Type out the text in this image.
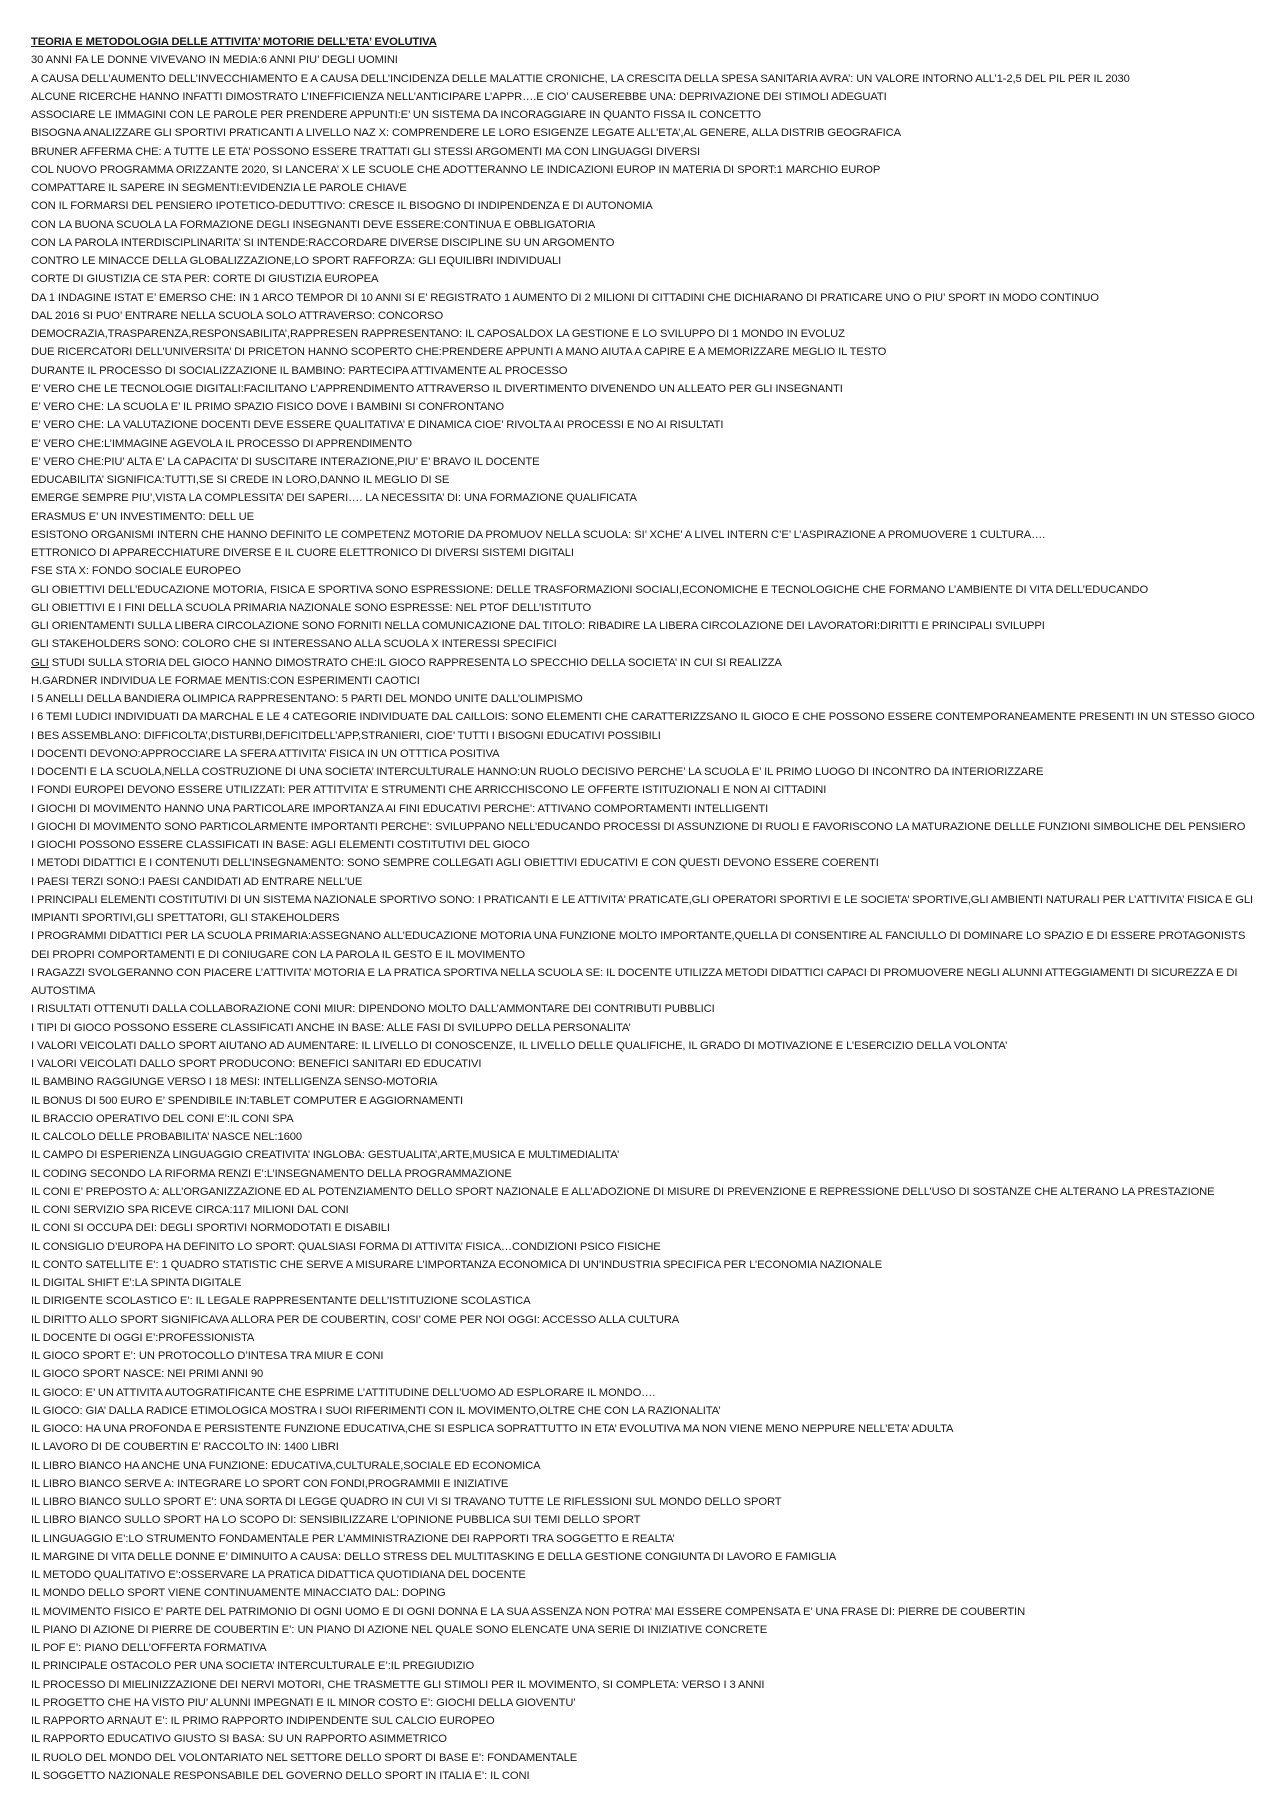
TEORIA E METODOLOGIA DELLE ATTIVITA’ MOTORIE DELL’ETA’ EVOLUTIVA
30 ANNI FA LE DONNE VIVEVANO IN MEDIA:6 ANNI PIU’ DEGLI UOMINI
A CAUSA DELL’AUMENTO DELL’INVECCHIAMENTO E A CAUSA DELL’INCIDENZA DELLE MALATTIE CRONICHE, LA CRESCITA DELLA SPESA SANITARIA AVRA’: UN VALORE INTORNO ALL’1-2,5 DEL PIL PER IL 2030
ALCUNE RICERCHE HANNO INFATTI DIMOSTRATO L’INEFFICIENZA NELL’ANTICIPARE L’APPR….E CIO’ CAUSEREBBE UNA: DEPRIVAZIONE DEI STIMOLI ADEGUATI
ASSOCIARE LE IMMAGINI CON LE PAROLE PER PRENDERE APPUNTI:E’ UN SISTEMA DA INCORAGGIARE IN QUANTO FISSA IL CONCETTO
BISOGNA ANALIZZARE GLI SPORTIVI PRATICANTI A LIVELLO NAZ X: COMPRENDERE LE LORO ESIGENZE LEGATE ALL’ETA’,AL GENERE, ALLA DISTRIB GEOGRAFICA
BRUNER AFFERMA CHE: A TUTTE LE ETA’ POSSONO ESSERE TRATTATI GLI STESSI ARGOMENTI MA CON LINGUAGGI DIVERSI
COL NUOVO PROGRAMMA ORIZZANTE 2020, SI LANCERA’ X LE SCUOLE CHE ADOTTERANNO LE INDICAZIONI EUROP IN MATERIA DI SPORT:1 MARCHIO EUROP
COMPATTARE IL SAPERE IN SEGMENTI:EVIDENZIA LE PAROLE CHIAVE
CON IL FORMARSI DEL PENSIERO IPOTETICO-DEDUTTIVO: CRESCE IL BISOGNO DI INDIPENDENZA E DI AUTONOMIA
CON LA BUONA SCUOLA LA FORMAZIONE DEGLI INSEGNANTI DEVE ESSERE:CONTINUA E OBBLIGATORIA
CON LA PAROLA INTERDISCIPLINARITA’ SI INTENDE:RACCORDARE DIVERSE DISCIPLINE SU UN ARGOMENTO
CONTRO LE MINACCE DELLA GLOBALIZZAZIONE,LO SPORT RAFFORZA: GLI EQUILIBRI INDIVIDUALI
CORTE DI GIUSTIZIA CE STA PER: CORTE DI GIUSTIZIA EUROPEA
DA 1 INDAGINE ISTAT E’ EMERSO CHE: IN 1 ARCO TEMPOR DI 10 ANNI SI E’ REGISTRATO 1 AUMENTO DI 2 MILIONI DI CITTADINI CHE DICHIARANO DI PRATICARE UNO O PIU’ SPORT IN MODO CONTINUO
DAL 2016 SI PUO’ ENTRARE NELLA SCUOLA SOLO ATTRAVERSO: CONCORSO
DEMOCRAZIA,TRASPARENZA,RESPONSABILITA’,RAPPRESEN RAPPRESENTANO: IL CAPOSALDOX LA GESTIONE E LO SVILUPPO DI 1 MONDO IN EVOLUZ
DUE RICERCATORI DELL’UNIVERSITA’ DI PRICETON HANNO SCOPERTO CHE:PRENDERE APPUNTI A MANO AIUTA A CAPIRE E A MEMORIZZARE MEGLIO IL TESTO
DURANTE IL PROCESSO DI SOCIALIZZAZIONE IL BAMBINO: PARTECIPA ATTIVAMENTE AL PROCESSO
E’ VERO CHE LE TECNOLOGIE DIGITALI:FACILITANO L’APPRENDIMENTO ATTRAVERSO IL DIVERTIMENTO DIVENENDO UN ALLEATO PER GLI INSEGNANTI
E’ VERO CHE: LA SCUOLA E’ IL PRIMO SPAZIO FISICO DOVE I BAMBINI SI CONFRONTANO
E’ VERO CHE: LA VALUTAZIONE DOCENTI DEVE ESSERE QUALITATIVA’ E DINAMICA CIOE’ RIVOLTA AI PROCESSI E NO AI RISULTATI
E’ VERO CHE:L’IMMAGINE AGEVOLA IL PROCESSO DI APPRENDIMENTO
E’ VERO CHE:PIU’ ALTA E’ LA CAPACITA’ DI SUSCITARE INTERAZIONE,PIU’ E’ BRAVO IL DOCENTE
EDUCABILITA’ SIGNIFICA:TUTTI,SE SI CREDE IN LORO,DANNO IL MEGLIO DI SE
EMERGE SEMPRE PIU’,VISTA LA COMPLESSITA’ DEI SAPERI…. LA NECESSITA’ DI: UNA FORMAZIONE QUALIFICATA
ERASMUS E’ UN INVESTIMENTO: DELL UE
ESISTONO ORGANISMI INTERN CHE HANNO DEFINITO LE COMPETENZ MOTORIE DA PROMUOV NELLA SCUOLA: SI’ XCHE’ A LIVEL INTERN C’E’ L’ASPIRAZIONE A PROMUOVERE 1 CULTURA….
ETTRONICO DI APPARECCHIATURE DIVERSE E IL CUORE ELETTRONICO DI DIVERSI SISTEMI DIGITALI
FSE STA X: FONDO SOCIALE EUROPEO
GLI OBIETTIVI DELL’EDUCAZIONE MOTORIA, FISICA E SPORTIVA SONO ESPRESSIONE: DELLE TRASFORMAZIONI SOCIALI,ECONOMICHE E TECNOLOGICHE CHE FORMANO L’AMBIENTE DI VITA DELL’EDUCANDO
GLI OBIETTIVI E I FINI DELLA SCUOLA PRIMARIA NAZIONALE SONO ESPRESSE: NEL PTOF DELL’ISTITUTO
GLI ORIENTAMENTI SULLA LIBERA CIRCOLAZIONE SONO FORNITI NELLA COMUNICAZIONE DAL TITOLO: RIBADIRE LA LIBERA CIRCOLAZIONE DEI LAVORATORI:DIRITTI E PRINCIPALI SVILUPPI
GLI STAKEHOLDERS SONO: COLORO CHE SI INTERESSANO ALLA SCUOLA X INTERESSI SPECIFICI
GLI STUDI SULLA STORIA DEL GIOCO HANNO DIMOSTRATO CHE:IL GIOCO RAPPRESENTA LO SPECCHIO DELLA SOCIETA’ IN CUI SI REALIZZA
H.GARDNER INDIVIDUA LE FORMAE MENTIS:CON ESPERIMENTI CAOTICI
I 5 ANELLI DELLA BANDIERA OLIMPICA RAPPRESENTANO: 5 PARTI DEL MONDO UNITE DALL’OLIMPISMO
I 6 TEMI LUDICI INDIVIDUATI DA MARCHAL E LE 4 CATEGORIE INDIVIDUATE DAL CAILLOIS: SONO ELEMENTI CHE CARATTERIZZSANO IL GIOCO E CHE POSSONO ESSERE CONTEMPORANEAMENTE PRESENTI IN UN STESSO GIOCO
I BES ASSEMBLANO: DIFFICOLTA’,DISTURBI,DEFICITDELL’APP,STRANIERI, CIOE’ TUTTI I BISOGNI EDUCATIVI POSSIBILI
I DOCENTI DEVONO:APPROCCIARE LA SFERA ATTIVITA’ FISICA IN UN OTTTICA POSITIVA
I DOCENTI E LA SCUOLA,NELLA COSTRUZIONE DI UNA SOCIETA’ INTERCULTURALE HANNO:UN RUOLO DECISIVO PERCHE’ LA SCUOLA E’ IL PRIMO LUOGO DI INCONTRO DA INTERIORIZZARE
I FONDI EUROPEI DEVONO ESSERE UTILIZZATI: PER ATTITVITA’ E STRUMENTI CHE ARRICCHISCONO LE OFFERTE ISTITUZIONALI E NON AI CITTADINI
I GIOCHI DI MOVIMENTO HANNO UNA PARTICOLARE IMPORTANZA AI FINI EDUCATIVI PERCHE’: ATTIVANO COMPORTAMENTI INTELLIGENTI
I GIOCHI DI MOVIMENTO SONO PARTICOLARMENTE IMPORTANTI PERCHE’: SVILUPPANO NELL’EDUCANDO PROCESSI DI ASSUNZIONE DI RUOLI E FAVORISCONO LA MATURAZIONE DELLLE FUNZIONI SIMBOLICHE DEL PENSIERO
I GIOCHI POSSONO ESSERE CLASSIFICATI IN BASE: AGLI ELEMENTI COSTITUTIVI DEL GIOCO
I METODI DIDATTICI E I CONTENUTI DELL’INSEGNAMENTO: SONO SEMPRE COLLEGATI AGLI OBIETTIVI EDUCATIVI E CON QUESTI DEVONO ESSERE COERENTI
I PAESI TERZI SONO:I PAESI CANDIDATI AD ENTRARE NELL’UE
I PRINCIPALI ELEMENTI COSTITUTIVI DI UN SISTEMA NAZIONALE SPORTIVO SONO: I PRATICANTI E LE ATTIVITA’ PRATICATE,GLI OPERATORI SPORTIVI E LE SOCIETA’ SPORTIVE,GLI AMBIENTI NATURALI PER L’ATTIVITA’ FISICA E GLI IMPIANTI SPORTIVI,GLI SPETTATORI, GLI STAKEHOLDERS
I PROGRAMMI DIDATTICI PER LA SCUOLA PRIMARIA:ASSEGNANO ALL’EDUCAZIONE MOTORIA UNA FUNZIONE MOLTO IMPORTANTE,QUELLA DI CONSENTIRE AL FANCIULLO DI DOMINARE LO SPAZIO E DI ESSERE PROTAGONISTS DEI PROPRI COMPORTAMENTI E DI CONIUGARE CON LA PAROLA IL GESTO E IL MOVIMENTO
I RAGAZZI SVOLGERANNO CON PIACERE L’ATTIVITA’ MOTORIA E LA PRATICA SPORTIVA NELLA SCUOLA SE: IL DOCENTE UTILIZZA METODI DIDATTICI CAPACI DI PROMUOVERE NEGLI ALUNNI ATTEGGIAMENTI DI SICUREZZA E DI AUTOSTIMA
I RISULTATI OTTENUTI DALLA COLLABORAZIONE CONI MIUR: DIPENDONO MOLTO DALL’AMMONTARE DEI CONTRIBUTI PUBBLICI
I TIPI DI GIOCO POSSONO ESSERE CLASSIFICATI ANCHE IN BASE: ALLE FASI DI SVILUPPO DELLA PERSONALITA’
I VALORI VEICOLATI DALLO SPORT AIUTANO AD AUMENTARE: IL LIVELLO DI CONOSCENZE, IL LIVELLO DELLE QUALIFICHE, IL GRADO DI MOTIVAZIONE E L’ESERCIZIO DELLA VOLONTA’
I VALORI VEICOLATI DALLO SPORT PRODUCONO: BENEFICI SANITARI ED EDUCATIVI
IL BAMBINO RAGGIUNGE VERSO I 18 MESI: INTELLIGENZA SENSO-MOTORIA
IL BONUS DI 500 EURO E’ SPENDIBILE IN:TABLET COMPUTER E AGGIORNAMENTI
IL BRACCIO OPERATIVO DEL CONI E’:IL CONI SPA
IL CALCOLO DELLE PROBABILITA’ NASCE NEL:1600
IL CAMPO DI ESPERIENZA LINGUAGGIO CREATIVITA’ INGLOBA: GESTUALITA’,ARTE,MUSICA E MULTIMEDIALITA’
IL CODING SECONDO LA RIFORMA RENZI E’:L’INSEGNAMENTO DELLA PROGRAMMAZIONE
IL CONI E’ PREPOSTO A: ALL’ORGANIZZAZIONE ED AL POTENZIAMENTO DELLO SPORT NAZIONALE E ALL’ADOZIONE DI MISURE DI PREVENZIONE E REPRESSIONE DELL’USO DI SOSTANZE CHE ALTERANO LA PRESTAZIONE
IL CONI SERVIZIO SPA RICEVE CIRCA:117 MILIONI DAL CONI
IL CONI SI OCCUPA DEI: DEGLI SPORTIVI NORMODOTATI E DISABILI
IL CONSIGLIO D’EUROPA HA DEFINITO LO SPORT: QUALSIASI FORMA DI ATTIVITA’ FISICA…CONDIZIONI PSICO FISICHE
IL CONTO SATELLITE E’: 1 QUADRO STATISTIC CHE SERVE A MISURARE L’IMPORTANZA ECONOMICA DI UN’INDUSTRIA SPECIFICA PER L’ECONOMIA NAZIONALE
IL DIGITAL SHIFT E’:LA SPINTA DIGITALE
IL DIRIGENTE SCOLASTICO E’: IL LEGALE RAPPRESENTANTE DELL’ISTITUZIONE SCOLASTICA
IL DIRITTO ALLO SPORT SIGNIFICAVA ALLORA PER DE COUBERTIN, COSI’ COME PER NOI OGGI: ACCESSO ALLA CULTURA
IL DOCENTE DI OGGI E’:PROFESSIONISTA
IL GIOCO SPORT E’: UN PROTOCOLLO D’INTESA TRA MIUR E CONI
IL GIOCO SPORT NASCE: NEI PRIMI ANNI 90
IL GIOCO: E’ UN ATTIVITA AUTOGRATIFICANTE CHE ESPRIME L’ATTITUDINE DELL’UOMO AD ESPLORARE IL MONDO….
IL GIOCO: GIA’ DALLA RADICE ETIMOLOGICA MOSTRA I SUOI RIFERIMENTI CON IL MOVIMENTO,OLTRE CHE CON LA RAZIONALITA’
IL GIOCO: HA UNA PROFONDA E PERSISTENTE FUNZIONE EDUCATIVA,CHE SI ESPLICA SOPRATTUTTO IN ETA’ EVOLUTIVA MA NON VIENE MENO NEPPURE NELL’ETA’ ADULTA
IL LAVORO DI DE COUBERTIN E’ RACCOLTO IN: 1400 LIBRI
IL LIBRO BIANCO HA ANCHE UNA FUNZIONE: EDUCATIVA,CULTURALE,SOCIALE ED ECONOMICA
IL LIBRO BIANCO SERVE A: INTEGRARE LO SPORT CON FONDI,PROGRAMMII E INIZIATIVE
IL LIBRO BIANCO SULLO SPORT E’: UNA SORTA DI LEGGE QUADRO IN CUI VI SI TRAVANO TUTTE LE RIFLESSIONI SUL MONDO DELLO SPORT
IL LIBRO BIANCO SULLO SPORT HA LO SCOPO DI: SENSIBILIZZARE L’OPINIONE PUBBLICA SUI TEMI DELLO SPORT
IL LINGUAGGIO E’:LO STRUMENTO FONDAMENTALE PER L’AMMINISTRAZIONE DEI RAPPORTI TRA SOGGETTO E REALTA’
IL MARGINE DI VITA DELLE DONNE E’ DIMINUITO A CAUSA: DELLO STRESS DEL MULTITASKING E DELLA GESTIONE CONGIUNTA DI LAVORO E FAMIGLIA
IL METODO QUALITATIVO E’:OSSERVARE LA PRATICA DIDATTICA QUOTIDIANA DEL DOCENTE
IL MONDO DELLO SPORT VIENE CONTINUAMENTE MINACCIATO DAL: DOPING
IL MOVIMENTO FISICO E’ PARTE DEL PATRIMONIO DI OGNI UOMO E DI OGNI DONNA E LA SUA ASSENZA NON POTRA’ MAI ESSERE COMPENSATA E’ UNA FRASE DI: PIERRE DE COUBERTIN
IL PIANO DI AZIONE DI PIERRE DE COUBERTIN E’: UN PIANO DI AZIONE NEL QUALE SONO ELENCATE UNA SERIE DI INIZIATIVE CONCRETE
IL POF E’: PIANO DELL’OFFERTA FORMATIVA
IL PRINCIPALE OSTACOLO PER UNA SOCIETA’ INTERCULTURALE E’:IL PREGIUDIZIO
IL PROCESSO DI MIELINIZZAZIONE DEI NERVI MOTORI, CHE TRASMETTE GLI STIMOLI PER IL MOVIMENTO, SI COMPLETA: VERSO I 3 ANNI
IL PROGETTO CHE HA VISTO PIU’ ALUNNI IMPEGNATI E IL MINOR COSTO E’: GIOCHI DELLA GIOVENTU’
IL RAPPORTO ARNAUT E’: IL PRIMO RAPPORTO INDIPENDENTE SUL CALCIO EUROPEO
IL RAPPORTO EDUCATIVO GIUSTO SI BASA: SU UN RAPPORTO ASIMMETRICO
IL RUOLO DEL MONDO DEL VOLONTARIATO NEL SETTORE DELLO SPORT DI BASE E’: FONDAMENTALE
IL SOGGETTO NAZIONALE RESPONSABILE DEL GOVERNO DELLO SPORT IN ITALIA E’: IL CONI
